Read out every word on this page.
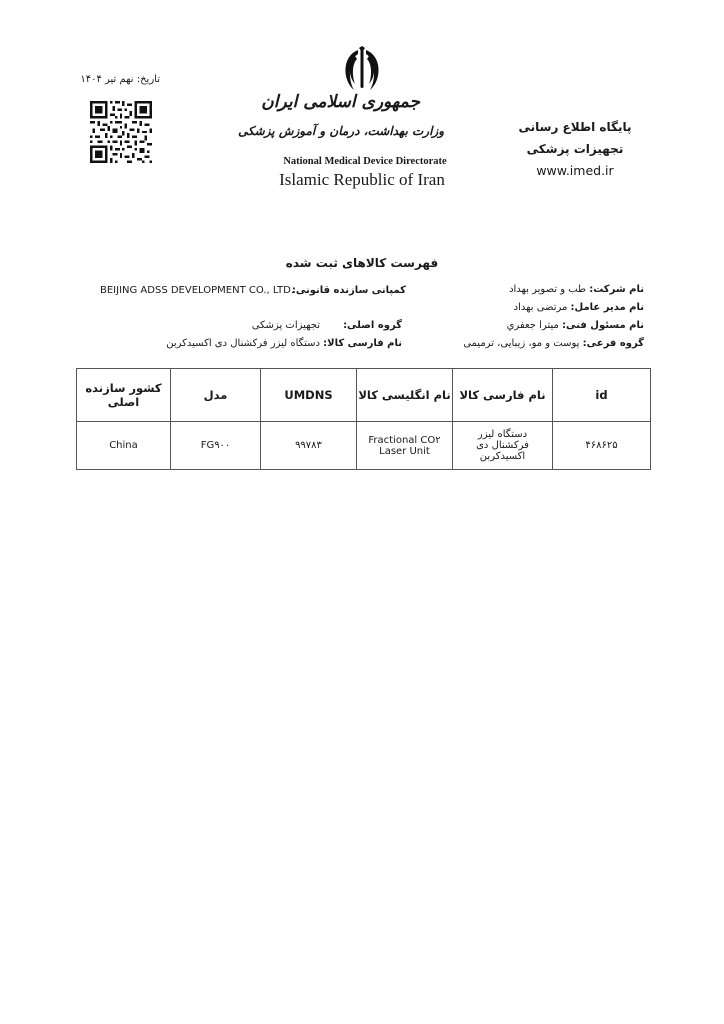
تاریخ: نهم تیر ۱۴۰۴
جمهوری اسلامی ایران
وزارت بهداشت، درمان و آموزش پزشکی
National Medical Device Directorate
Islamic Republic of Iran
پایگاه اطلاع رسانی
تجهیزات پزشکی
www.imed.ir
فهرست کالاهای ثبت شده
نام شرکت: طب و تصویر بهداد
نام مدیر عامل: مرتضی بهداد
نام مسئول فنی: میترا جعفري
گروه فرعی: پوست و مو، زیبایی، ترمیمی
کمپانی سازنده قانونی:
BEIJING ADSS DEVELOPMENT CO., LTD.
گروه اصلی:
تجهیزات پزشکی
نام فارسی کالا:
دستگاه لیزر فرکشنال دی اکسیدکربن
id	نام فارسی کالا	نام انگلیسی کالا	UMDNS	مدل	کشور سازنده اصلی
۴۶۸۶۲۵	دستگاه لیزر فرکشنال دی اکسیدکربن	Fractional CO۲ Laser Unit	۹۹۷۸۳	FG۹۰۰	China
